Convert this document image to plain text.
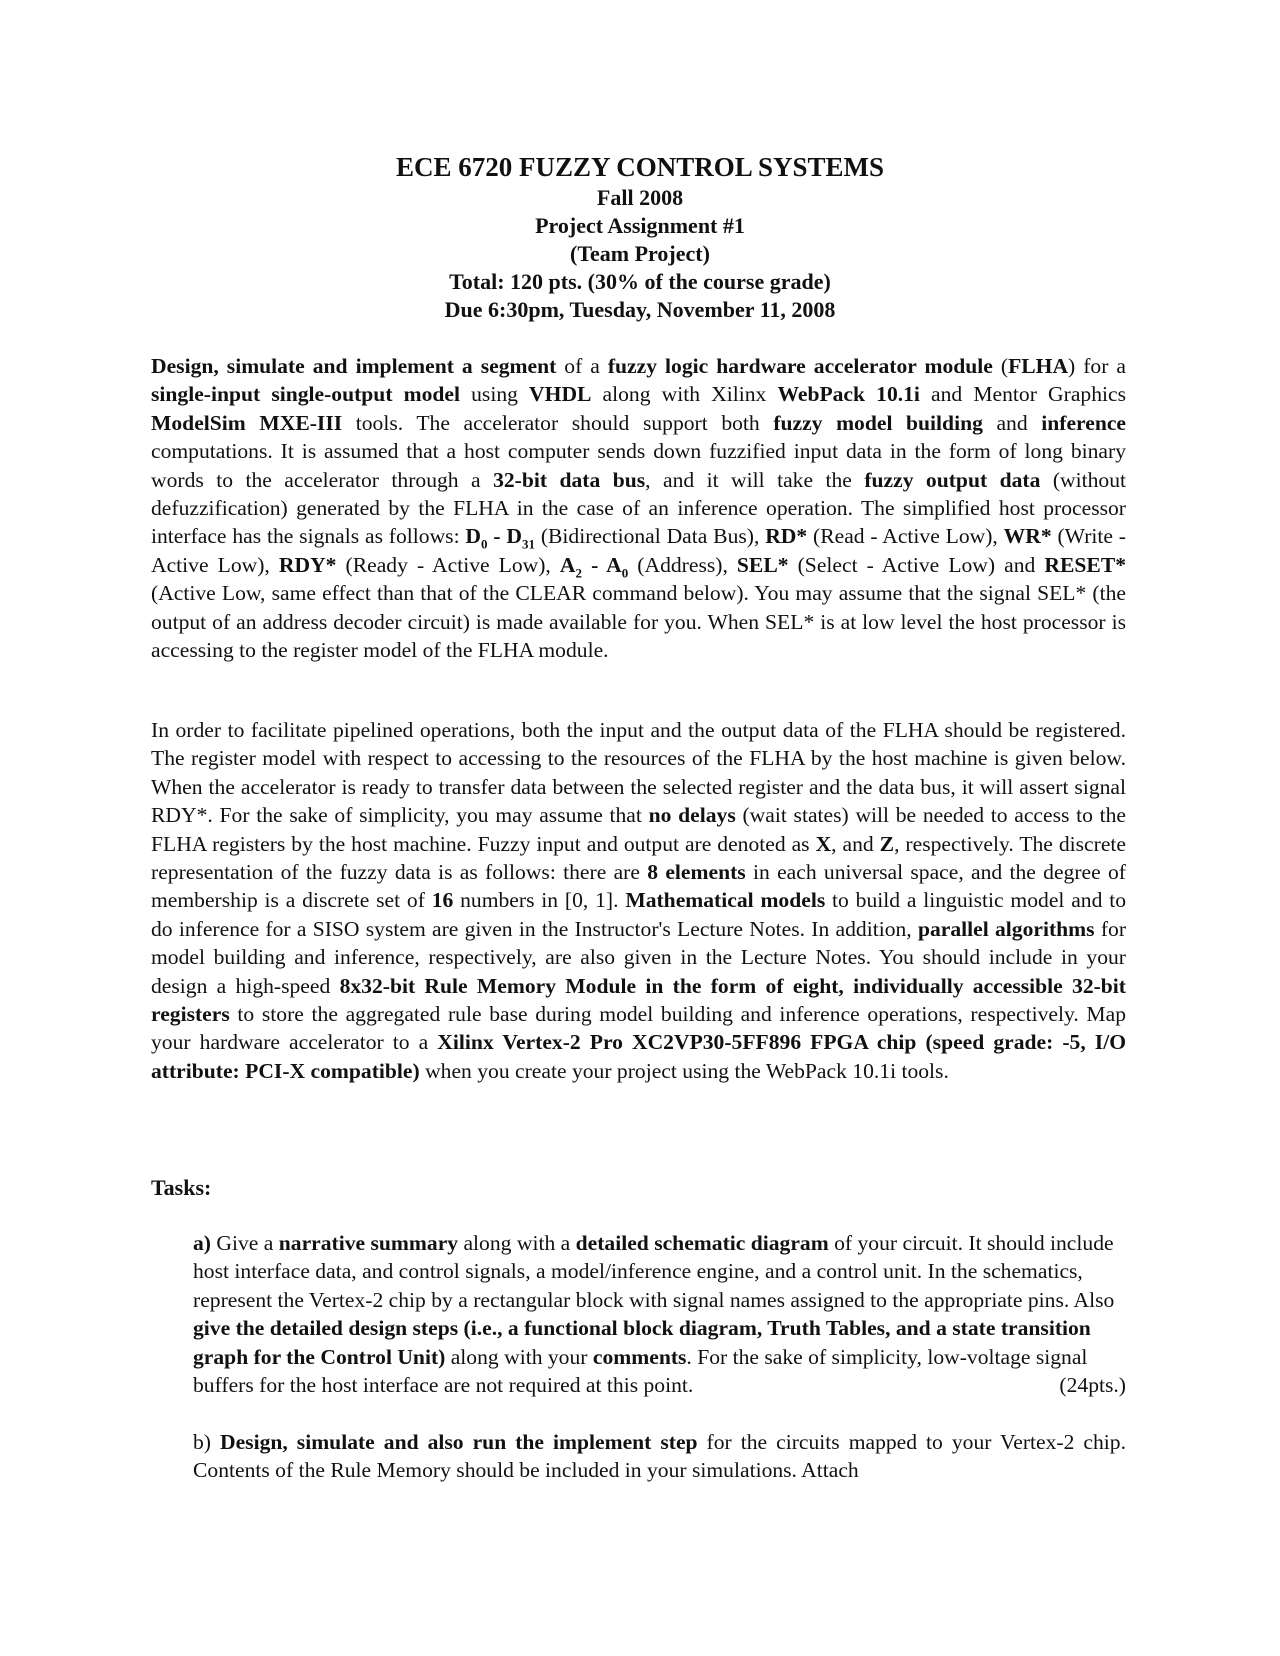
ECE 6720 FUZZY CONTROL SYSTEMS
Fall 2008
Project Assignment #1
(Team Project)
Total: 120 pts. (30% of the course grade)
Due 6:30pm, Tuesday, November 11, 2008

Design, simulate and implement a segment of a fuzzy logic hardware accelerator module (FLHA) for a single-input single-output model using VHDL along with Xilinx WebPack 10.1i and Mentor Graphics ModelSim MXE-III tools. The accelerator should support both fuzzy model building and inference computations. It is assumed that a host computer sends down fuzzified input data in the form of long binary words to the accelerator through a 32-bit data bus, and it will take the fuzzy output data (without defuzzification) generated by the FLHA in the case of an inference operation. The simplified host processor interface has the signals as follows: $D_0 - D_{31}$ (Bidirectional Data Bus), RD* (Read - Active Low), WR* (Write - Active Low), RDY* (Ready - Active Low), $A_2 - A_0$ (Address), SEL* (Select - Active Low) and RESET* (Active Low, same effect than that of the CLEAR command below). You may assume that the signal SEL* (the output of an address decoder circuit) is made available for you. When SEL* is at low level the host processor is accessing to the register model of the FLHA module.

In order to facilitate pipelined operations, both the input and the output data of the FLHA should be registered. The register model with respect to accessing to the resources of the FLHA by the host machine is given below. When the accelerator is ready to transfer data between the selected register and the data bus, it will assert signal RDY*. For the sake of simplicity, you may assume that no delays (wait states) will be needed to access to the FLHA registers by the host machine. Fuzzy input and output are denoted as X, and Z, respectively. The discrete representation of the fuzzy data is as follows: there are 8 elements in each universal space, and the degree of membership is a discrete set of 16 numbers in [0, 1]. Mathematical models to build a linguistic model and to do inference for a SISO system are given in the Instructor's Lecture Notes. In addition, parallel algorithms for model building and inference, respectively, are also given in the Lecture Notes. You should include in your design a high-speed 8x32-bit Rule Memory Module in the form of eight, individually accessible 32-bit registers to store the aggregated rule base during model building and inference operations, respectively. Map your hardware accelerator to a Xilinx Vertex-2 Pro XC2VP30-5FF896 FPGA chip (speed grade: -5, I/O attribute: PCI-X compatible) when you create your project using the WebPack 10.1i tools.

Tasks:

a) Give a narrative summary along with a detailed schematic diagram of your circuit. It should include host interface data, and control signals, a model/inference engine, and a control unit. In the schematics, represent the Vertex-2 chip by a rectangular block with signal names assigned to the appropriate pins. Also give the detailed design steps (i.e., a functional block diagram, Truth Tables, and a state transition graph for the Control Unit) along with your comments. For the sake of simplicity, low-voltage signal buffers for the host interface are not required at this point.	(24pts.)

b) Design, simulate and also run the implement step for the circuits mapped to your Vertex-2 chip. Contents of the Rule Memory should be included in your simulations. Attach
